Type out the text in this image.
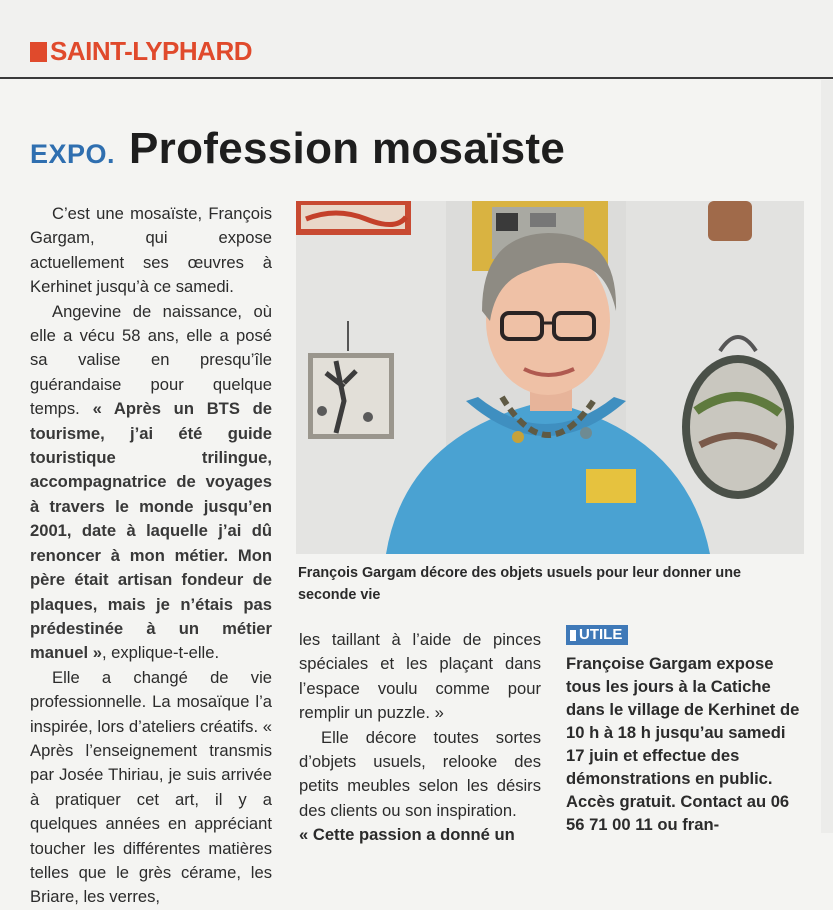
SAINT-LYPHARD
EXPO. Profession mosaïste

C’est une mosaïste, François Gargam, qui expose actuellement ses œuvres à Kerhinet jusqu’à ce samedi.

Angevine de naissance, où elle a vécu 58 ans, elle a posé sa valise en presqu’île guérandaise pour quelque temps. « Après un BTS de tourisme, j’ai été guide touristique trilingue, accompagnatrice de voyages à travers le monde jusqu’en 2001, date à laquelle j’ai dû renoncer à mon métier. Mon père était artisan fondeur de plaques, mais je n’étais pas prédestinée à un métier manuel », explique-t-elle.

Elle a changé de vie professionnelle. La mosaïque l’a inspirée, lors d’ateliers créatifs. « Après l’enseignement transmis par Josée Thiriau, je suis arrivée à pratiquer cet art, il y a quelques années en appréciant toucher les différentes matières telles que le grès cérame, les Briare, les verres,

François Gargam décore des objets usuels pour leur donner une seconde vie

les taillant à l’aide de pinces spéciales et les plaçant dans l’espace voulu comme pour remplir un puzzle. »

Elle décore toutes sortes d’objets usuels, relooke des petits meubles selon les désirs des clients ou son inspiration.

« Cette passion a donné un

UTILE

Françoise Gargam expose tous les jours à la Catiche dans le village de Kerhinet de 10 h à 18 h jusqu’au samedi 17 juin et effectue des démonstrations en public. Accès gratuit. Contact au 06 56 71 00 11 ou fran-
